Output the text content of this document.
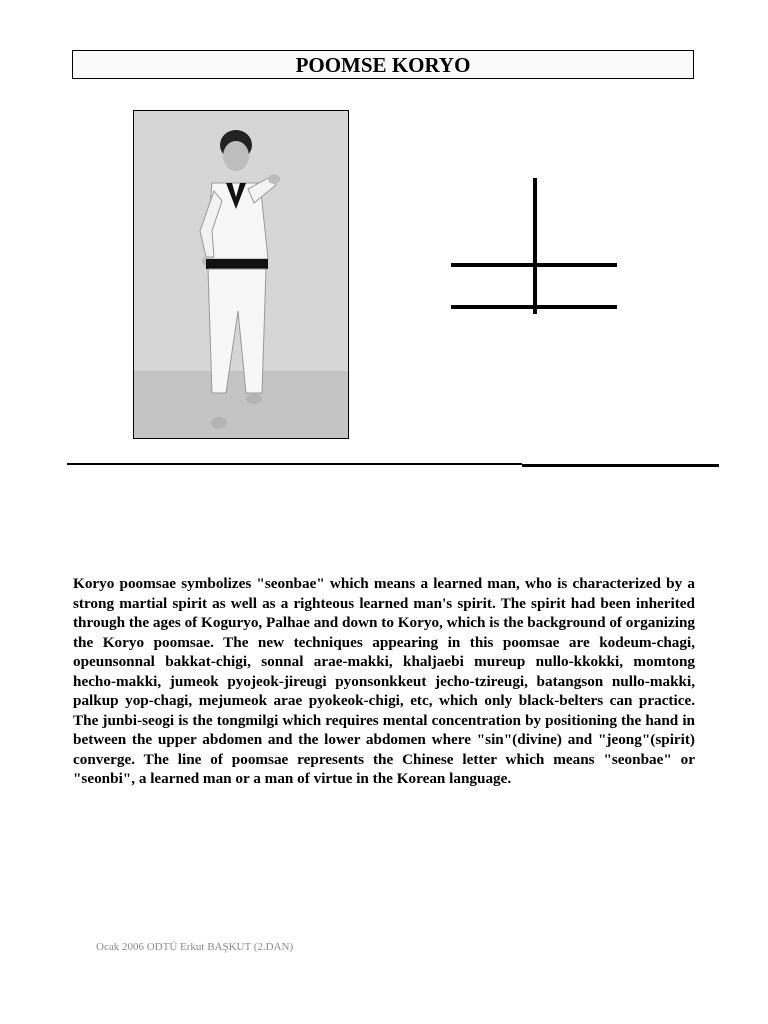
POOMSE KORYO

Koryo poomsae symbolizes "seonbae" which means a learned man, who is characterized by a strong martial spirit as well as a righteous learned man's spirit. The spirit had been inherited through the ages of Koguryo, Palhae and down to Koryo, which is the background of organizing the Koryo poomsae. The new techniques appearing in this poomsae are kodeum-chagi, opeunsonnal bakkat-chigi, sonnal arae-makki, khaljaebi mureup nullo-kkokki, momtong hecho-makki, jumeok pyojeok-jireugi pyonsonkkeut jecho-tzireugi, batangson nullo-makki, palkup yop-chagi, mejumeok arae pyokeok-chigi, etc, which only black-belters can practice. The junbi-seogi is the tongmilgi which requires mental concentration by positioning the hand in between the upper abdomen and the lower abdomen where "sin"(divine) and "jeong"(spirit) converge. The line of poomsae represents the Chinese letter which means "seonbae" or "seonbi", a learned man or a man of virtue in the Korean language.

Ocak 2006 ODTÜ Erkut BAŞKUT (2.DAN)
